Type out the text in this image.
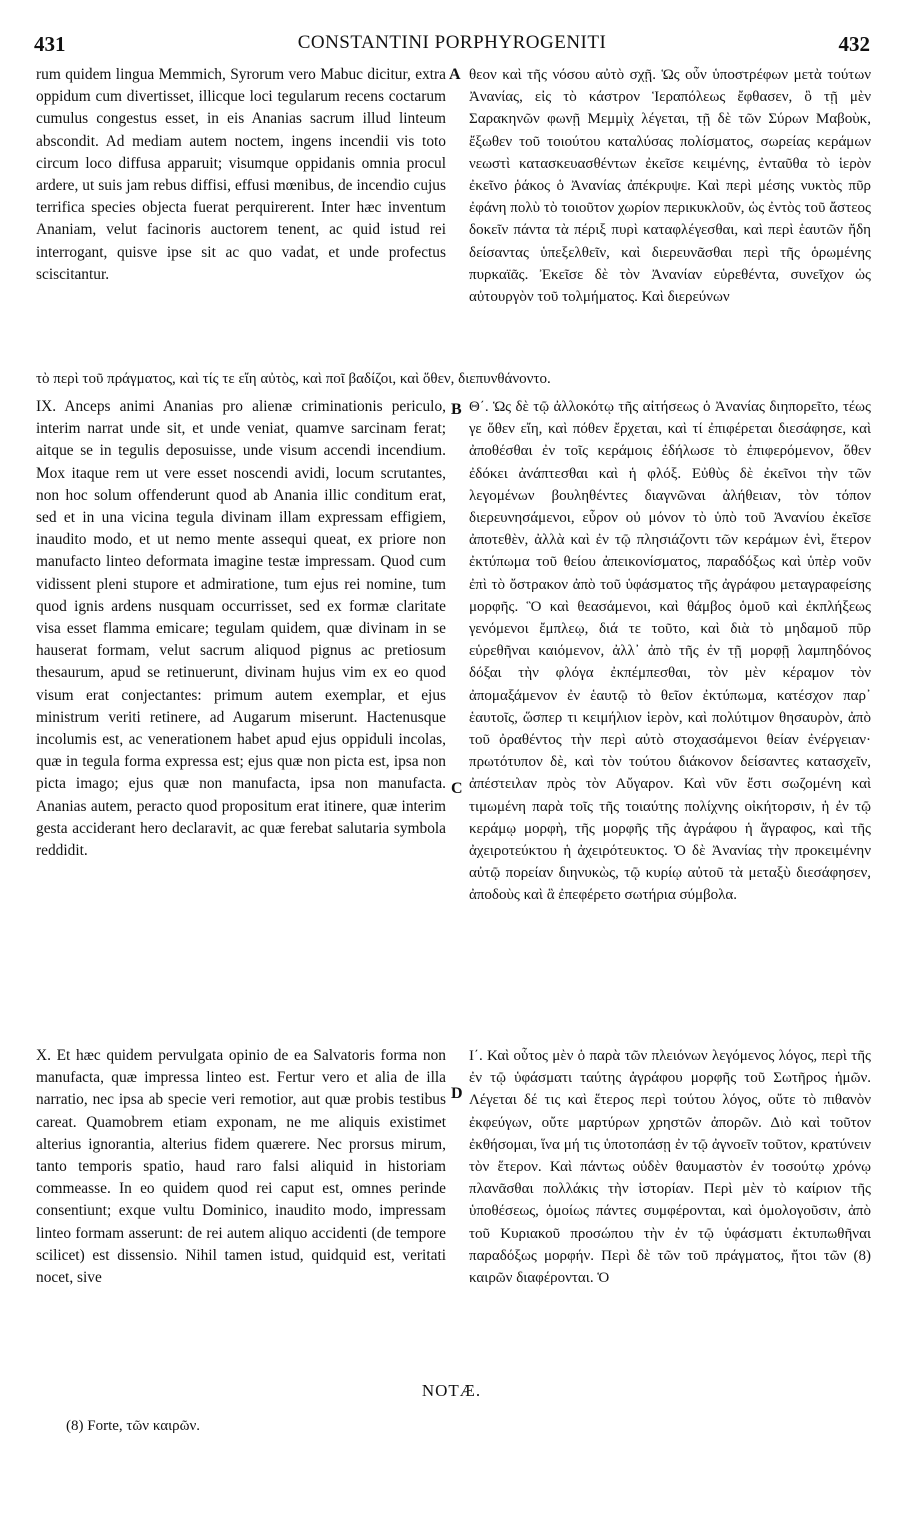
431	CONSTANTINI PORPHYROGENITI	432

rum quidem lingua Memmich, Syrorum vero Mabuc dicitur, extra oppidum cum divertisset, illicque loci tegularum recens coctarum cumulus congestus esset, in eis Ananias sacrum illud linteum abscondit. Ad mediam autem noctem, ingens incendii vis toto circum loco diffusa apparuit; visumque oppidanis omnia procul ardere, ut suis jam rebus diffisi, effusi mœnibus, de incendio cujus terrifica species objecta fuerat perquirerent. Inter hæc inventum Ananiam, velut facinoris auctorem tenent, ac quid istud rei interrogant, quisve ipse sit ac quo vadat, et unde profectus sciscitantur.

θεον καὶ τῆς νόσου αὐτὸ σχῇ. Ὡς οὖν ὑποστρέφων μετὰ τούτων Ἀνανίας, εἰς τὸ κάστρον Ἱεραπόλεως ἔφθασεν, ὃ τῇ μὲν Σαρακηνῶν φωνῇ Μεμμὶχ λέγεται, τῇ δὲ τῶν Σύρων Μαβοὺκ, ἔξωθεν τοῦ τοιούτου καταλύσας πολίσματος, σωρείας κεράμων νεωστὶ κατασκευασθέντων ἐκεῖσε κειμένης, ἐνταῦθα τὸ ἱερὸν ἐκεῖνο ῥάκος ὁ Ἀνανίας ἀπέκρυψε. Καὶ περὶ μέσης νυκτὸς πῦρ ἐφάνη πολὺ τὸ τοιοῦτον χωρίον περικυκλοῦν, ὡς ἐντὸς τοῦ ἄστεος δοκεῖν πάντα τὰ πέριξ πυρὶ καταφλέγεσθαι, καὶ περὶ ἑαυτῶν ἤδη δείσαντας ὑπεξελθεῖν, καὶ διερευνᾶσθαι περὶ τῆς ὁρωμένης πυρκαϊᾶς. Ἐκεῖσε δὲ τὸν Ἀνανίαν εὑρεθέντα, συνεῖχον ὡς αὐτουργὸν τοῦ τολμήματος. Καὶ διερεύνων

τὸ περὶ τοῦ πράγματος, καὶ τίς τε εἴη αὐτὸς, καὶ ποῖ βαδίζοι, καὶ ὅθεν, διεπυνθάνοντο.

IX. Anceps animi Ananias pro alienæ criminationis periculo, interim narrat unde sit, et unde veniat, quamve sarcinam ferat; aitque se in tegulis deposuisse, unde visum accendi incendium. Mox itaque rem ut vere esset noscendi avidi, locum scrutantes, non hoc solum offenderunt quod ab Anania illic conditum erat, sed et in una vicina tegula divinam illam expressam effigiem, inaudito modo, et ut nemo mente assequi queat, ex priore non manufacto linteo deformata imagine testæ impressam. Quod cum vidissent pleni stupore et admiratione, tum ejus rei nomine, tum quod ignis ardens nusquam occurrisset, sed ex formæ claritate visa esset flamma emicare; tegulam quidem, quæ divinam in se hauserat formam, velut sacrum aliquod pignus ac pretiosum thesaurum, apud se retinuerunt, divinam hujus vim ex eo quod visum erat conjectantes: primum autem exemplar, et ejus ministrum veriti retinere, ad Augarum miserunt. Hactenusque incolumis est, ac venerationem habet apud ejus oppiduli incolas, quæ in tegula forma expressa est; ejus quæ non picta est, ipsa non picta imago; ejus quæ non manufacta, ipsa non manufacta. Ananias autem, peracto quod propositum erat itinere, quæ interim gesta acciderant hero declaravit, ac quæ ferebat salutaria symbola reddidit.

Θ΄. Ὡς δὲ τῷ ἀλλοκότῳ τῆς αἰτήσεως ὁ Ἀνανίας διηπορεῖτο, τέως γε ὅθεν εἴη, καὶ πόθεν ἔρχεται, καὶ τί ἐπιφέρεται διεσάφησε, καὶ ἀποθέσθαι ἐν τοῖς κεράμοις ἐδήλωσε τὸ ἐπιφερόμενον, ὅθεν ἐδόκει ἀνάπτεσθαι καὶ ἡ φλόξ. Εὐθὺς δὲ ἐκεῖνοι τὴν τῶν λεγομένων βουληθέντες διαγνῶναι ἀλήθειαν, τὸν τόπον διερευνησάμενοι, εὗρον οὐ μόνον τὸ ὑπὸ τοῦ Ἀνανίου ἐκεῖσε ἀποτεθὲν, ἀλλὰ καὶ ἐν τῷ πλησιάζοντι τῶν κεράμων ἑνὶ, ἕτερον ἐκτύπωμα τοῦ θείου ἀπεικονίσματος, παραδόξως καὶ ὑπὲρ νοῦν ἐπὶ τὸ ὄστρακον ἀπὸ τοῦ ὑφάσματος τῆς ἀγράφου μεταγραφείσης μορφῆς. Ὃ καὶ θεασάμενοι, καὶ θάμβος ὁμοῦ καὶ ἐκπλήξεως γενόμενοι ἔμπλεῳ, διά τε τοῦτο, καὶ διὰ τὸ μηδαμοῦ πῦρ εὑρεθῆναι καιόμενον, ἀλλ᾿ ἀπὸ τῆς ἐν τῇ μορφῇ λαμπηδόνος δόξαι τὴν φλόγα ἐκπέμπεσθαι, τὸν μὲν κέραμον τὸν ἀπομαξάμενον ἐν ἑαυτῷ τὸ θεῖον ἐκτύπωμα, κατέσχον παρ᾿ ἑαυτοῖς, ὥσπερ τι κειμήλιον ἱερὸν, καὶ πολύτιμον θησαυρὸν, ἀπὸ τοῦ ὀραθέντος τὴν περὶ αὐτὸ στοχασάμενοι θείαν ἐνέργειαν· πρωτότυπον δὲ, καὶ τὸν τούτου διάκονον δείσαντες κατασχεῖν, ἀπέστειλαν πρὸς τὸν Αὔγαρον. Καὶ νῦν ἔστι σωζομένη καὶ τιμωμένη παρὰ τοῖς τῆς τοιαύτης πολίχνης οἰκήτορσιν, ἡ ἐν τῷ κεράμῳ μορφὴ, τῆς μορφῆς τῆς ἀγράφου ἡ ἄγραφος, καὶ τῆς ἀχειροτεύκτου ἡ ἀχειρότευκτος. Ὁ δὲ Ἀνανίας τὴν προκειμένην αὐτῷ πορείαν διηνυκὼς, τῷ κυρίῳ αὐτοῦ τὰ μεταξὺ διεσάφησεν, ἀποδοὺς καὶ ἃ ἐπεφέρετο σωτήρια σύμβολα.

X. Et hæc quidem pervulgata opinio de ea Salvatoris forma non manufacta, quæ impressa linteo est. Fertur vero et alia de illa narratio, nec ipsa ab specie veri remotior, aut quæ probis testibus careat. Quamobrem etiam exponam, ne me aliquis existimet alterius ignorantia, alterius fidem quærere. Nec prorsus mirum, tanto temporis spatio, haud raro falsi aliquid in historiam commeasse. In eo quidem quod rei caput est, omnes perinde consentiunt; exque vultu Dominico, inaudito modo, impressam linteo formam asserunt: de rei autem aliquo accidenti (de tempore scilicet) est dissensio. Nihil tamen istud, quidquid est, veritati nocet, sive

Ι΄. Καὶ οὗτος μὲν ὁ παρὰ τῶν πλειόνων λεγόμενος λόγος, περὶ τῆς ἐν τῷ ὑφάσματι ταύτης ἀγράφου μορφῆς τοῦ Σωτῆρος ἡμῶν. Λέγεται δέ τις καὶ ἕτερος περὶ τούτου λόγος, οὔτε τὸ πιθανὸν ἐκφεύγων, οὔτε μαρτύρων χρηστῶν ἀπορῶν. Διὸ καὶ τοῦτον ἐκθήσομαι, ἵνα μή τις ὑποτοπάσῃ ἐν τῷ ἀγνοεῖν τοῦτον, κρατύνειν τὸν ἕτερον. Καὶ πάντως οὐδὲν θαυμαστὸν ἐν τοσούτῳ χρόνῳ πλανᾶσθαι πολλάκις τὴν ἱστορίαν. Περὶ μὲν τὸ καίριον τῆς ὑποθέσεως, ὁμοίως πάντες συμφέρονται, καὶ ὁμολογοῦσιν, ἀπὸ τοῦ Κυριακοῦ προσώπου τὴν ἐν τῷ ὑφάσματι ἐκτυπωθῆναι παραδόξως μορφήν. Περὶ δὲ τῶν τοῦ πράγματος, ἤτοι τῶν (8) καιρῶν διαφέρονται. Ὁ

A
B
C
D
NOTÆ.
(8) Forte, τῶν καιρῶν.
